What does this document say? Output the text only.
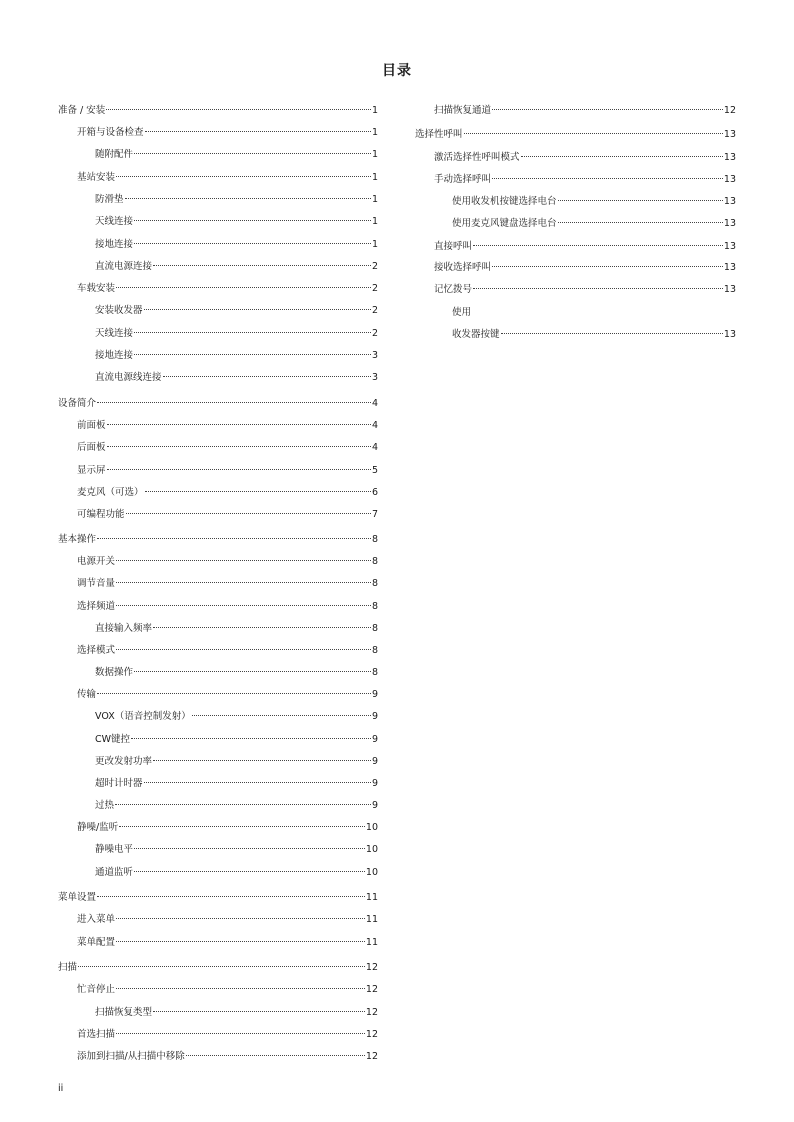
目录
准备 / 安装	1
开箱与设备检查	1
随附配件	1
基站安装	1
防滑垫	1
天线连接	1
接地连接	1
直流电源连接	2
车载安装	2
安装收发器	2
天线连接	2
接地连接	3
直流电源线连接	3
设备简介	4
前面板	4
后面板	4
显示屏	5
麦克风（可选）	6
可编程功能	7
基本操作	8
电源开关	8
调节音量	8
选择频道	8
直接输入频率	8
选择模式	8
数据操作	8
传输	9
VOX（语音控制发射）	9
CW键控	9
更改发射功率	9
超时计时器	9
过热	9
静噪/监听	10
静噪电平	10
通道监听	10
菜单设置	11
进入菜单	11
菜单配置	11
扫描	12
忙音停止	12
扫描恢复类型	12
首选扫描	12
添加到扫描/从扫描中移除	12
扫描恢复通道	12
选择性呼叫	13
激活选择性呼叫模式	13
手动选择呼叫	13
使用收发机按键选择电台	13
使用麦克风键盘选择电台	13
直接呼叫	13
接收选择呼叫	13
记忆拨号	13
使用
收发器按键	13
ii
